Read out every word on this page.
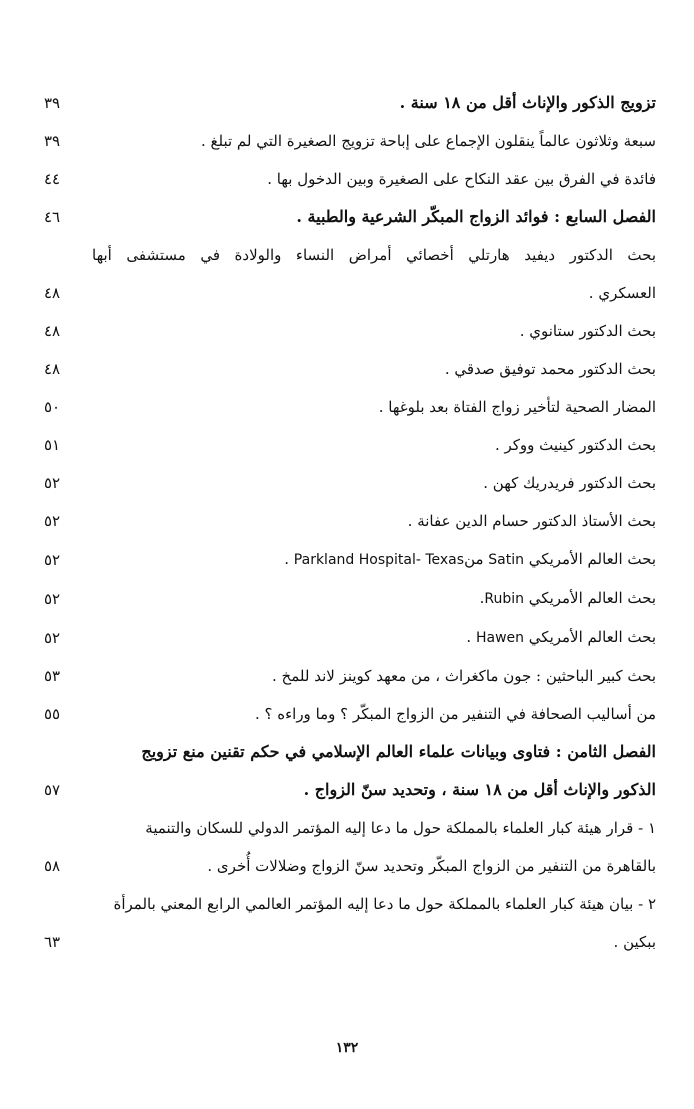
تزويج الذكور والإناث أقل من ١٨ سنة .
٣٩
سبعة وثلاثون عالماً ينقلون الإجماع على إباحة تزويج الصغيرة التي لم تبلغ .
٣٩
فائدة في الفرق بين عقد النكاح على الصغيرة وبين الدخول بها .
٤٤
الفصل السابع : فوائد الزواج المبكّر الشرعية والطبية .
٤٦
بحث الدكتور ديفيد هارتلي أخصائي أمراض النساء والولادة في مستشفى أبها
العسكري .
٤٨
بحث الدكتور ستانوي .
٤٨
بحث الدكتور محمد توفيق صدقي .
٤٨
المضار الصحية لتأخير زواج الفتاة بعد بلوغها .
٥٠
بحث الدكتور كينيث ووكر .
٥١
بحث الدكتور فريدريك كهن .
٥٢
بحث الأستاذ الدكتور حسام الدين عفانة .
٥٢
بحث العالم الأمريكي Satin منParkland Hospital- Texas .
٥٢
بحث العالم الأمريكي Rubin.
٥٢
بحث العالم الأمريكي Hawen .
٥٢
بحث كبير الباحثين : جون ماكغراث ، من معهد كوينز لاند للمخ .
٥٣
من أساليب الصحافة في التنفير من الزواج المبكّر ؟ وما وراءه ؟ .
٥٥
الفصل الثامن : فتاوى وبيانات علماء العالم الإسلامي في حكم تقنين منع تزويج
الذكور والإناث أقل من ١٨ سنة ، وتحديد سنّ الزواج .
٥٧
١ - قرار هيئة كبار العلماء بالمملكة حول ما دعا إليه المؤتمر الدولي للسكان والتنمية
بالقاهرة من التنفير من الزواج المبكّر وتحديد سنّ الزواج وضلالات أُخرى .
٥٨
٢ - بيان هيئة كبار العلماء بالمملكة حول ما دعا إليه المؤتمر العالمي الرابع المعني بالمرأة
ببكين .
٦٣
١٣٢
